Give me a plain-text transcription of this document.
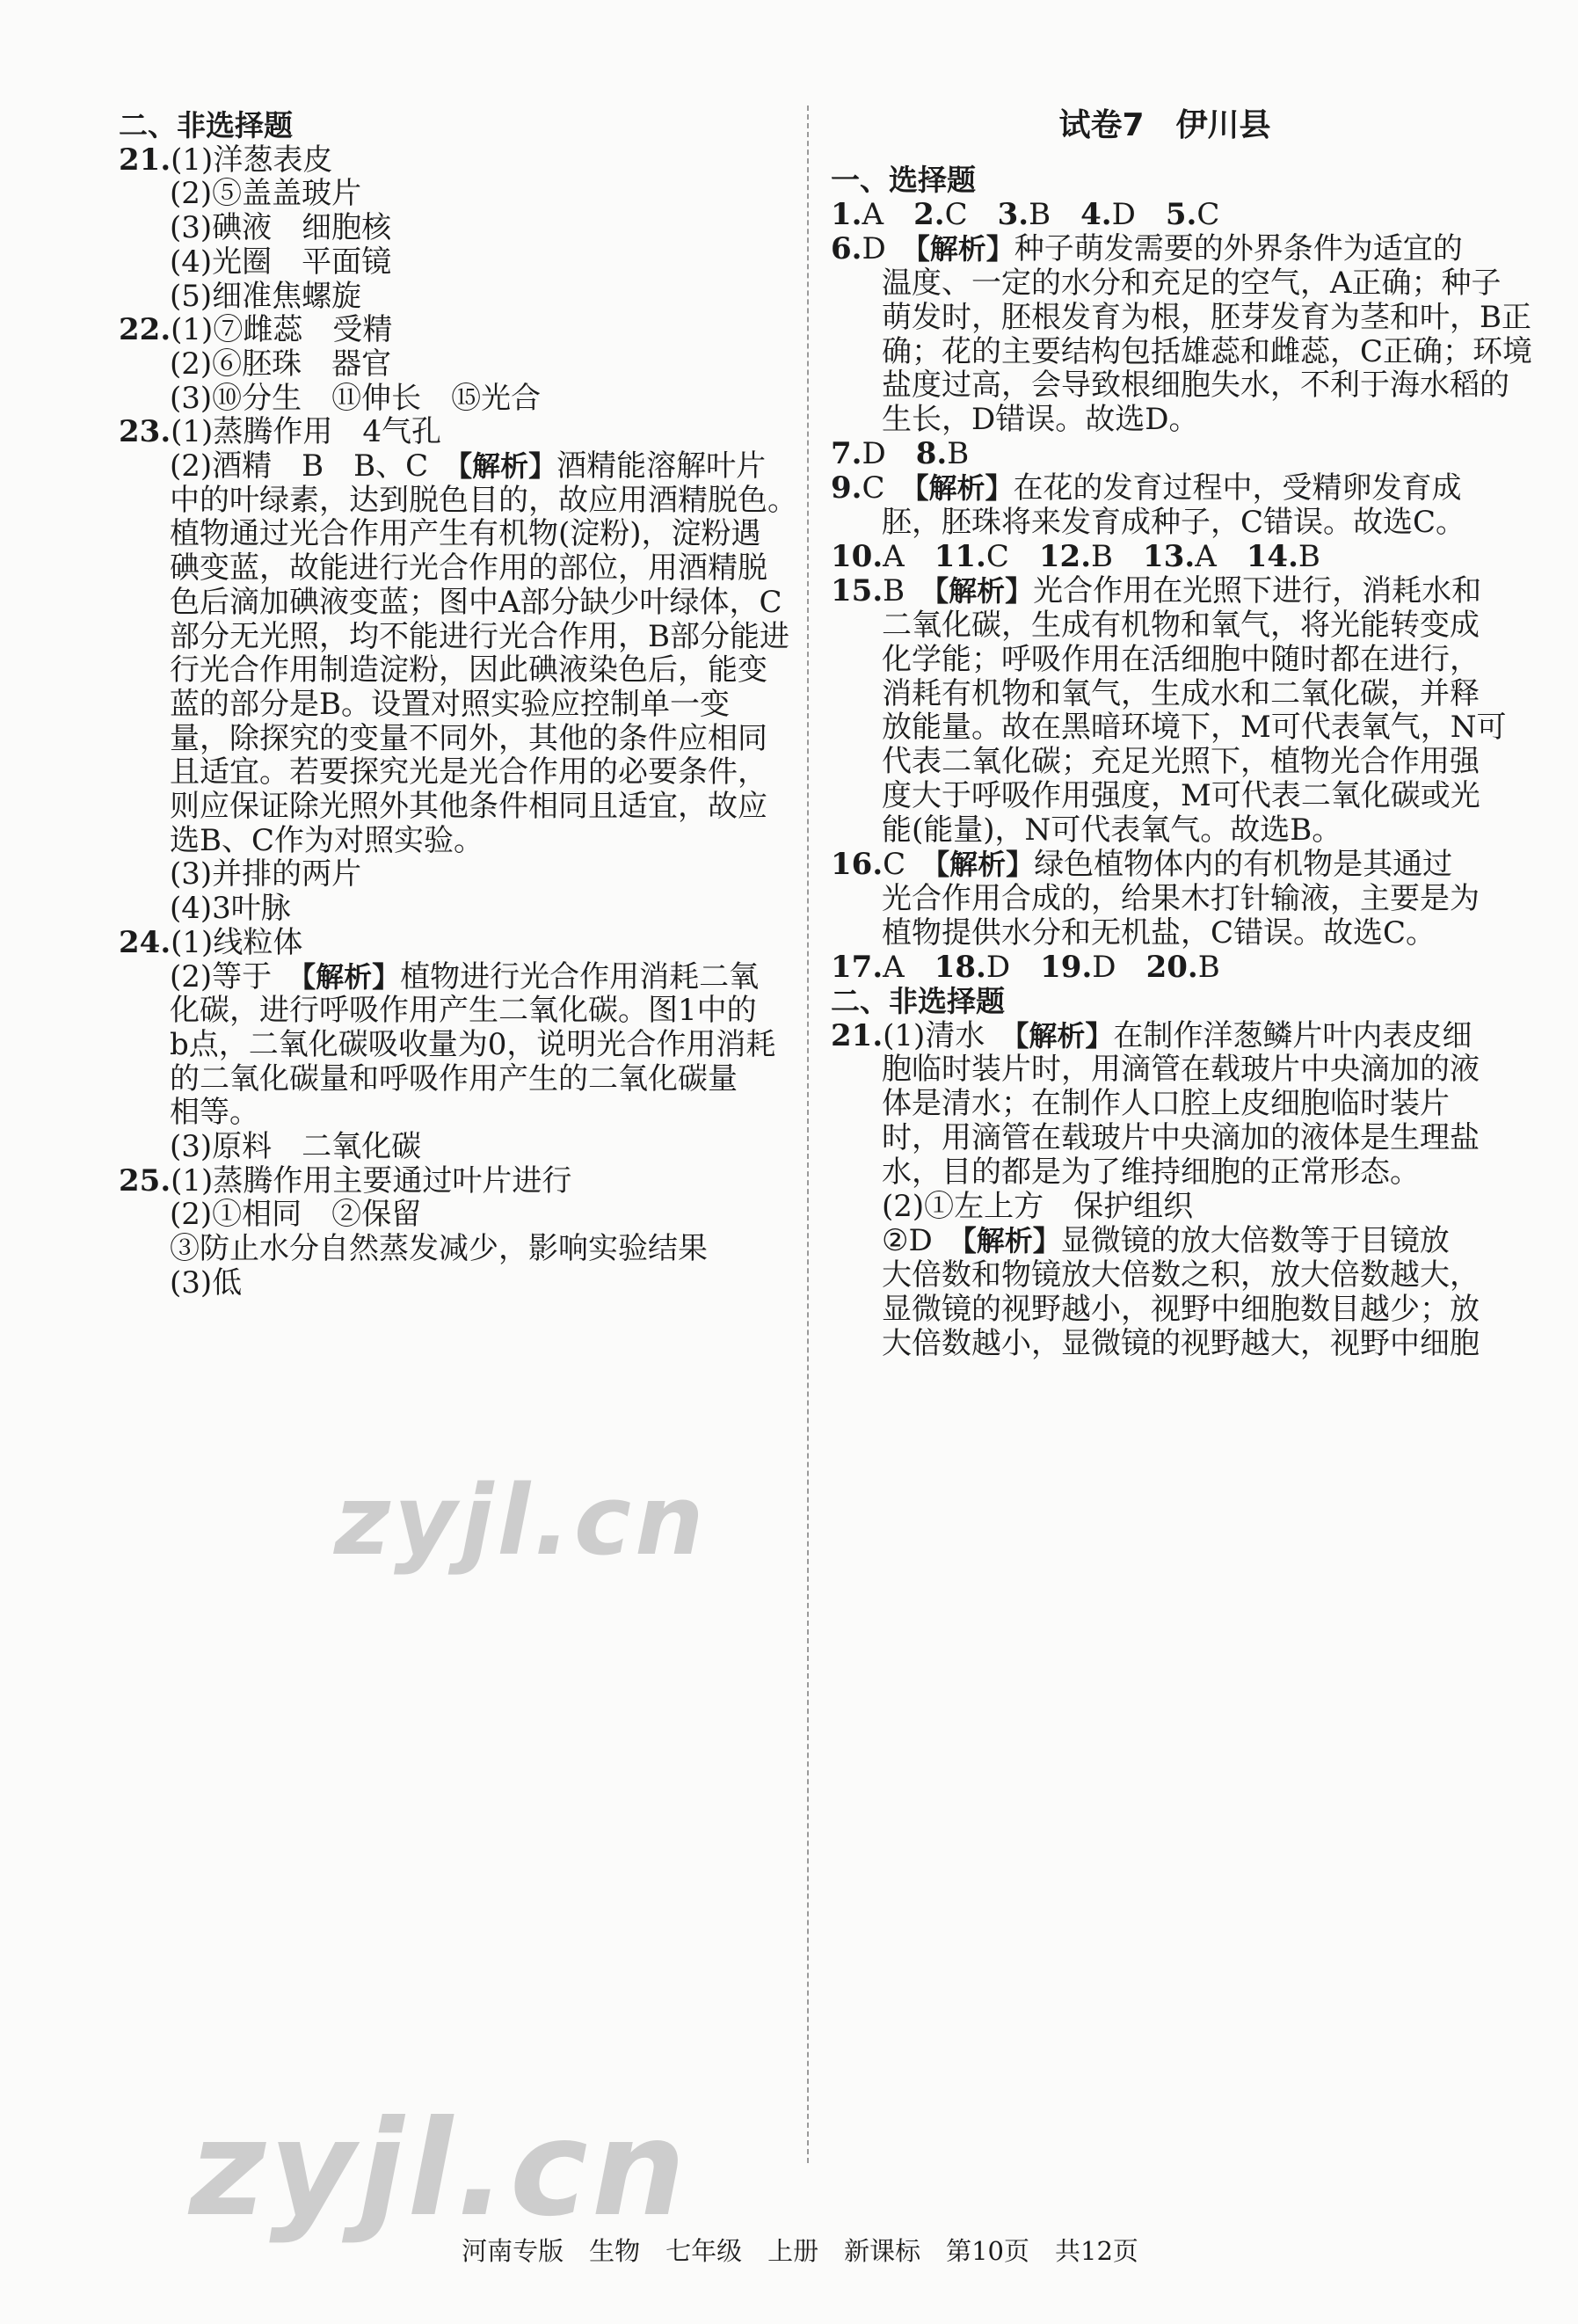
二、非选择题
21.(1)洋葱表皮
(2)⑤盖盖玻片
(3)碘液　细胞核
(4)光圈　平面镜
(5)细准焦螺旋
22.(1)⑦雌蕊　受精
(2)⑥胚珠　器官
(3)⑩分生　⑪伸长　⑮光合
23.(1)蒸腾作用　4气孔
(2)酒精　B　B、C　 【解析】酒精能溶解叶片
中的叶绿素，达到脱色目的，故应用酒精脱色。
植物通过光合作用产生有机物(淀粉)，淀粉遇
碘变蓝，故能进行光合作用的部位，用酒精脱
色后滴加碘液变蓝；图中A部分缺少叶绿体，C
部分无光照，均不能进行光合作用，B部分能进
行光合作用制造淀粉，因此碘液染色后，能变
蓝的部分是B。设置对照实验应控制单一变
量，除探究的变量不同外，其他的条件应相同
且适宜。若要探究光是光合作用的必要条件，
则应保证除光照外其他条件相同且适宜，故应
选B、C作为对照实验。
(3)并排的两片
(4)3叶脉
24.(1)线粒体
(2)等于　 【解析】植物进行光合作用消耗二氧
化碳，进行呼吸作用产生二氧化碳。图1中的
b点，二氧化碳吸收量为0，说明光合作用消耗
的二氧化碳量和呼吸作用产生的二氧化碳量
相等。
(3)原料　二氧化碳
25.(1)蒸腾作用主要通过叶片进行
(2)①相同　②保留
③防止水分自然蒸发减少，影响实验结果
(3)低
试卷7　伊川县
一、选择题
1.A　2.C　3.B　4.D　5.C
6.D　 【解析】种子萌发需要的外界条件为适宜的
温度、一定的水分和充足的空气，A正确；种子
萌发时，胚根发育为根，胚芽发育为茎和叶，B正
确；花的主要结构包括雄蕊和雌蕊，C正确；环境
盐度过高，会导致根细胞失水，不利于海水稻的
生长，D错误。故选D。
7.D　8.B
9.C　 【解析】在花的发育过程中，受精卵发育成
胚，胚珠将来发育成种子，C错误。故选C。
10.A　11.C　12.B　13.A　14.B
15.B　 【解析】光合作用在光照下进行，消耗水和
二氧化碳，生成有机物和氧气，将光能转变成
化学能；呼吸作用在活细胞中随时都在进行，
消耗有机物和氧气，生成水和二氧化碳，并释
放能量。故在黑暗环境下，M可代表氧气，N可
代表二氧化碳；充足光照下，植物光合作用强
度大于呼吸作用强度，M可代表二氧化碳或光
能(能量)，N可代表氧气。故选B。
16.C　 【解析】绿色植物体内的有机物是其通过
光合作用合成的，给果木打针输液，主要是为
植物提供水分和无机盐，C错误。故选C。
17.A　18.D　19.D　20.B
二、非选择题
21.(1)清水　 【解析】在制作洋葱鳞片叶内表皮细
胞临时装片时，用滴管在载玻片中央滴加的液
体是清水；在制作人口腔上皮细胞临时装片
时，用滴管在载玻片中央滴加的液体是生理盐
水，目的都是为了维持细胞的正常形态。
(2)①左上方　保护组织
②D　 【解析】显微镜的放大倍数等于目镜放
大倍数和物镜放大倍数之积，放大倍数越大，
显微镜的视野越小，视野中细胞数目越少；放
大倍数越小，显微镜的视野越大，视野中细胞
zyjl.cn
zyjl.cn
河南专版　生物　七年级　上册　新课标　第10页　共12页
